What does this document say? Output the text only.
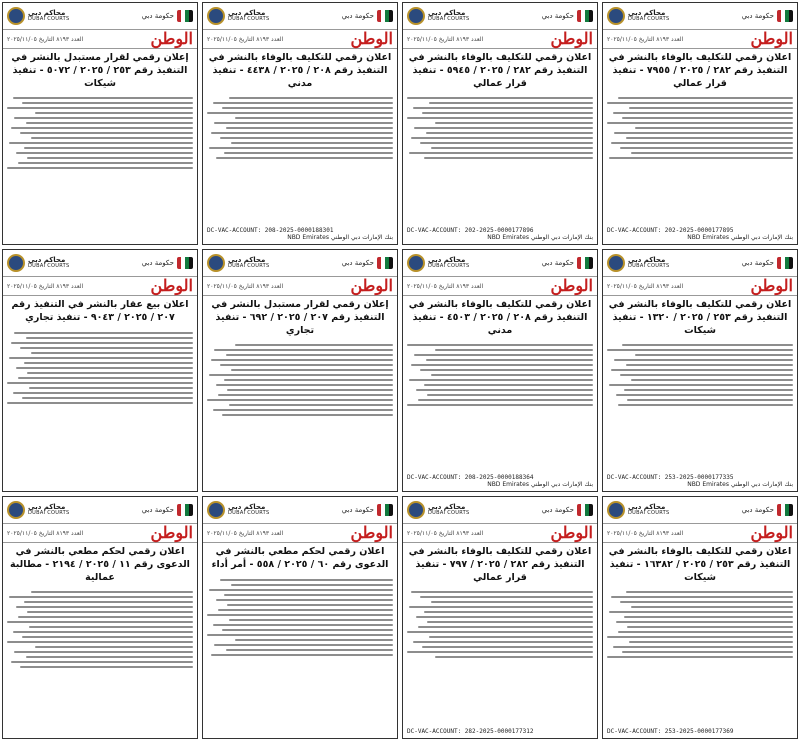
محاكم دبي
DUBAI COURTS	حكومة دبي
العدد ٨١٩٣ التاريخ ٢٠٢٥/١١/٠٥	الوطن
اعلان رقمي للتكليف بالوفاء بالنشر في التنفيذ رقم ٢٨٢ / ٢٠٢٥ / ٧٩٥٥ - تنفيذ قرار عمالي
DC-VAC-ACCOUNT: 202-2025-0000177895
بنك الإمارات دبي الوطني NBD Emirates
محاكم دبي
DUBAI COURTS	حكومة دبي
العدد ٨١٩٣ التاريخ ٢٠٢٥/١١/٠٥	الوطن
اعلان رقمي للتكليف بالوفاء بالنشر في التنفيذ رقم ٢٨٢ / ٢٠٢٥ / ٥٩٤٥ - تنفيذ قرار عمالي
DC-VAC-ACCOUNT: 202-2025-0000177896
بنك الإمارات دبي الوطني NBD Emirates
محاكم دبي
DUBAI COURTS	حكومة دبي
العدد ٨١٩٣ التاريخ ٢٠٢٥/١١/٠٥	الوطن
اعلان رقمي للتكليف بالوفاء بالنشر في التنفيذ رقم ٢٠٨ / ٢٠٢٥ / ٤٤٣٨ - تنفيذ مدني
DC-VAC-ACCOUNT: 208-2025-0000188301
بنك الإمارات دبي الوطني NBD Emirates
محاكم دبي
DUBAI COURTS	حكومة دبي
العدد ٨١٩٣ التاريخ ٢٠٢٥/١١/٠٥	الوطن
إعلان رقمي لقرار مستبدل بالنشر في التنفيذ رقم ٢٥٣ / ٢٠٢٥ / ٥٠٧٢ - تنفيذ شيكات
محاكم دبي
DUBAI COURTS	حكومة دبي
العدد ٨١٩٣ التاريخ ٢٠٢٥/١١/٠٥	الوطن
اعلان رقمي للتكليف بالوفاء بالنشر في التنفيذ رقم ٢٥٣ / ٢٠٢٥ / ١٣٢٠ - تنفيذ شيكات
DC-VAC-ACCOUNT: 253-2025-0000177335
بنك الإمارات دبي الوطني NBD Emirates
محاكم دبي
DUBAI COURTS	حكومة دبي
العدد ٨١٩٣ التاريخ ٢٠٢٥/١١/٠٥	الوطن
اعلان رقمي للتكليف بالوفاء بالنشر في التنفيذ رقم ٢٠٨ / ٢٠٢٥ / ٤٥٠٣ - تنفيذ مدني
DC-VAC-ACCOUNT: 208-2025-0000188364
بنك الإمارات دبي الوطني NBD Emirates
محاكم دبي
DUBAI COURTS	حكومة دبي
العدد ٨١٩٣ التاريخ ٢٠٢٥/١١/٠٥	الوطن
إعلان رقمي لقرار مستبدل بالنشر في التنفيذ رقم ٢٠٧ / ٢٠٢٥ / ٦٩٢ - تنفيذ تجاري
محاكم دبي
DUBAI COURTS	حكومة دبي
العدد ٨١٩٣ التاريخ ٢٠٢٥/١١/٠٥	الوطن
اعلان بيع عقار بالنشر في التنفيذ رقم ٢٠٧ / ٢٠٢٥ / ٩٠٤٣ - تنفيذ تجاري
محاكم دبي
DUBAI COURTS	حكومة دبي
العدد ٨١٩٣ التاريخ ٢٠٢٥/١١/٠٥	الوطن
اعلان رقمي للتكليف بالوفاء بالنشر في التنفيذ رقم ٢٥٣ / ٢٠٢٥ / ١٦٣٨٢ - تنفيذ شيكات
DC-VAC-ACCOUNT: 253-2025-0000177369
محاكم دبي
DUBAI COURTS	حكومة دبي
العدد ٨١٩٣ التاريخ ٢٠٢٥/١١/٠٥	الوطن
اعلان رقمي للتكليف بالوفاء بالنشر في التنفيذ رقم ٢٨٢ / ٢٠٢٥ / ٧٩٧ - تنفيذ قرار عمالي
DC-VAC-ACCOUNT: 282-2025-0000177312
محاكم دبي
DUBAI COURTS	حكومة دبي
العدد ٨١٩٣ التاريخ ٢٠٢٥/١١/٠٥	الوطن
اعلان رقمي لحكم مطعي بالنشر في الدعوى رقم ٦٠ / ٢٠٢٥ / ٥٥٨ - أمر أداء
محاكم دبي
DUBAI COURTS	حكومة دبي
العدد ٨١٩٣ التاريخ ٢٠٢٥/١١/٠٥	الوطن
اعلان رقمي لحكم مطعي بالنشر في الدعوى رقم ١١ / ٢٠٢٥ / ٢١٩٤ - مطالبة عمالية
